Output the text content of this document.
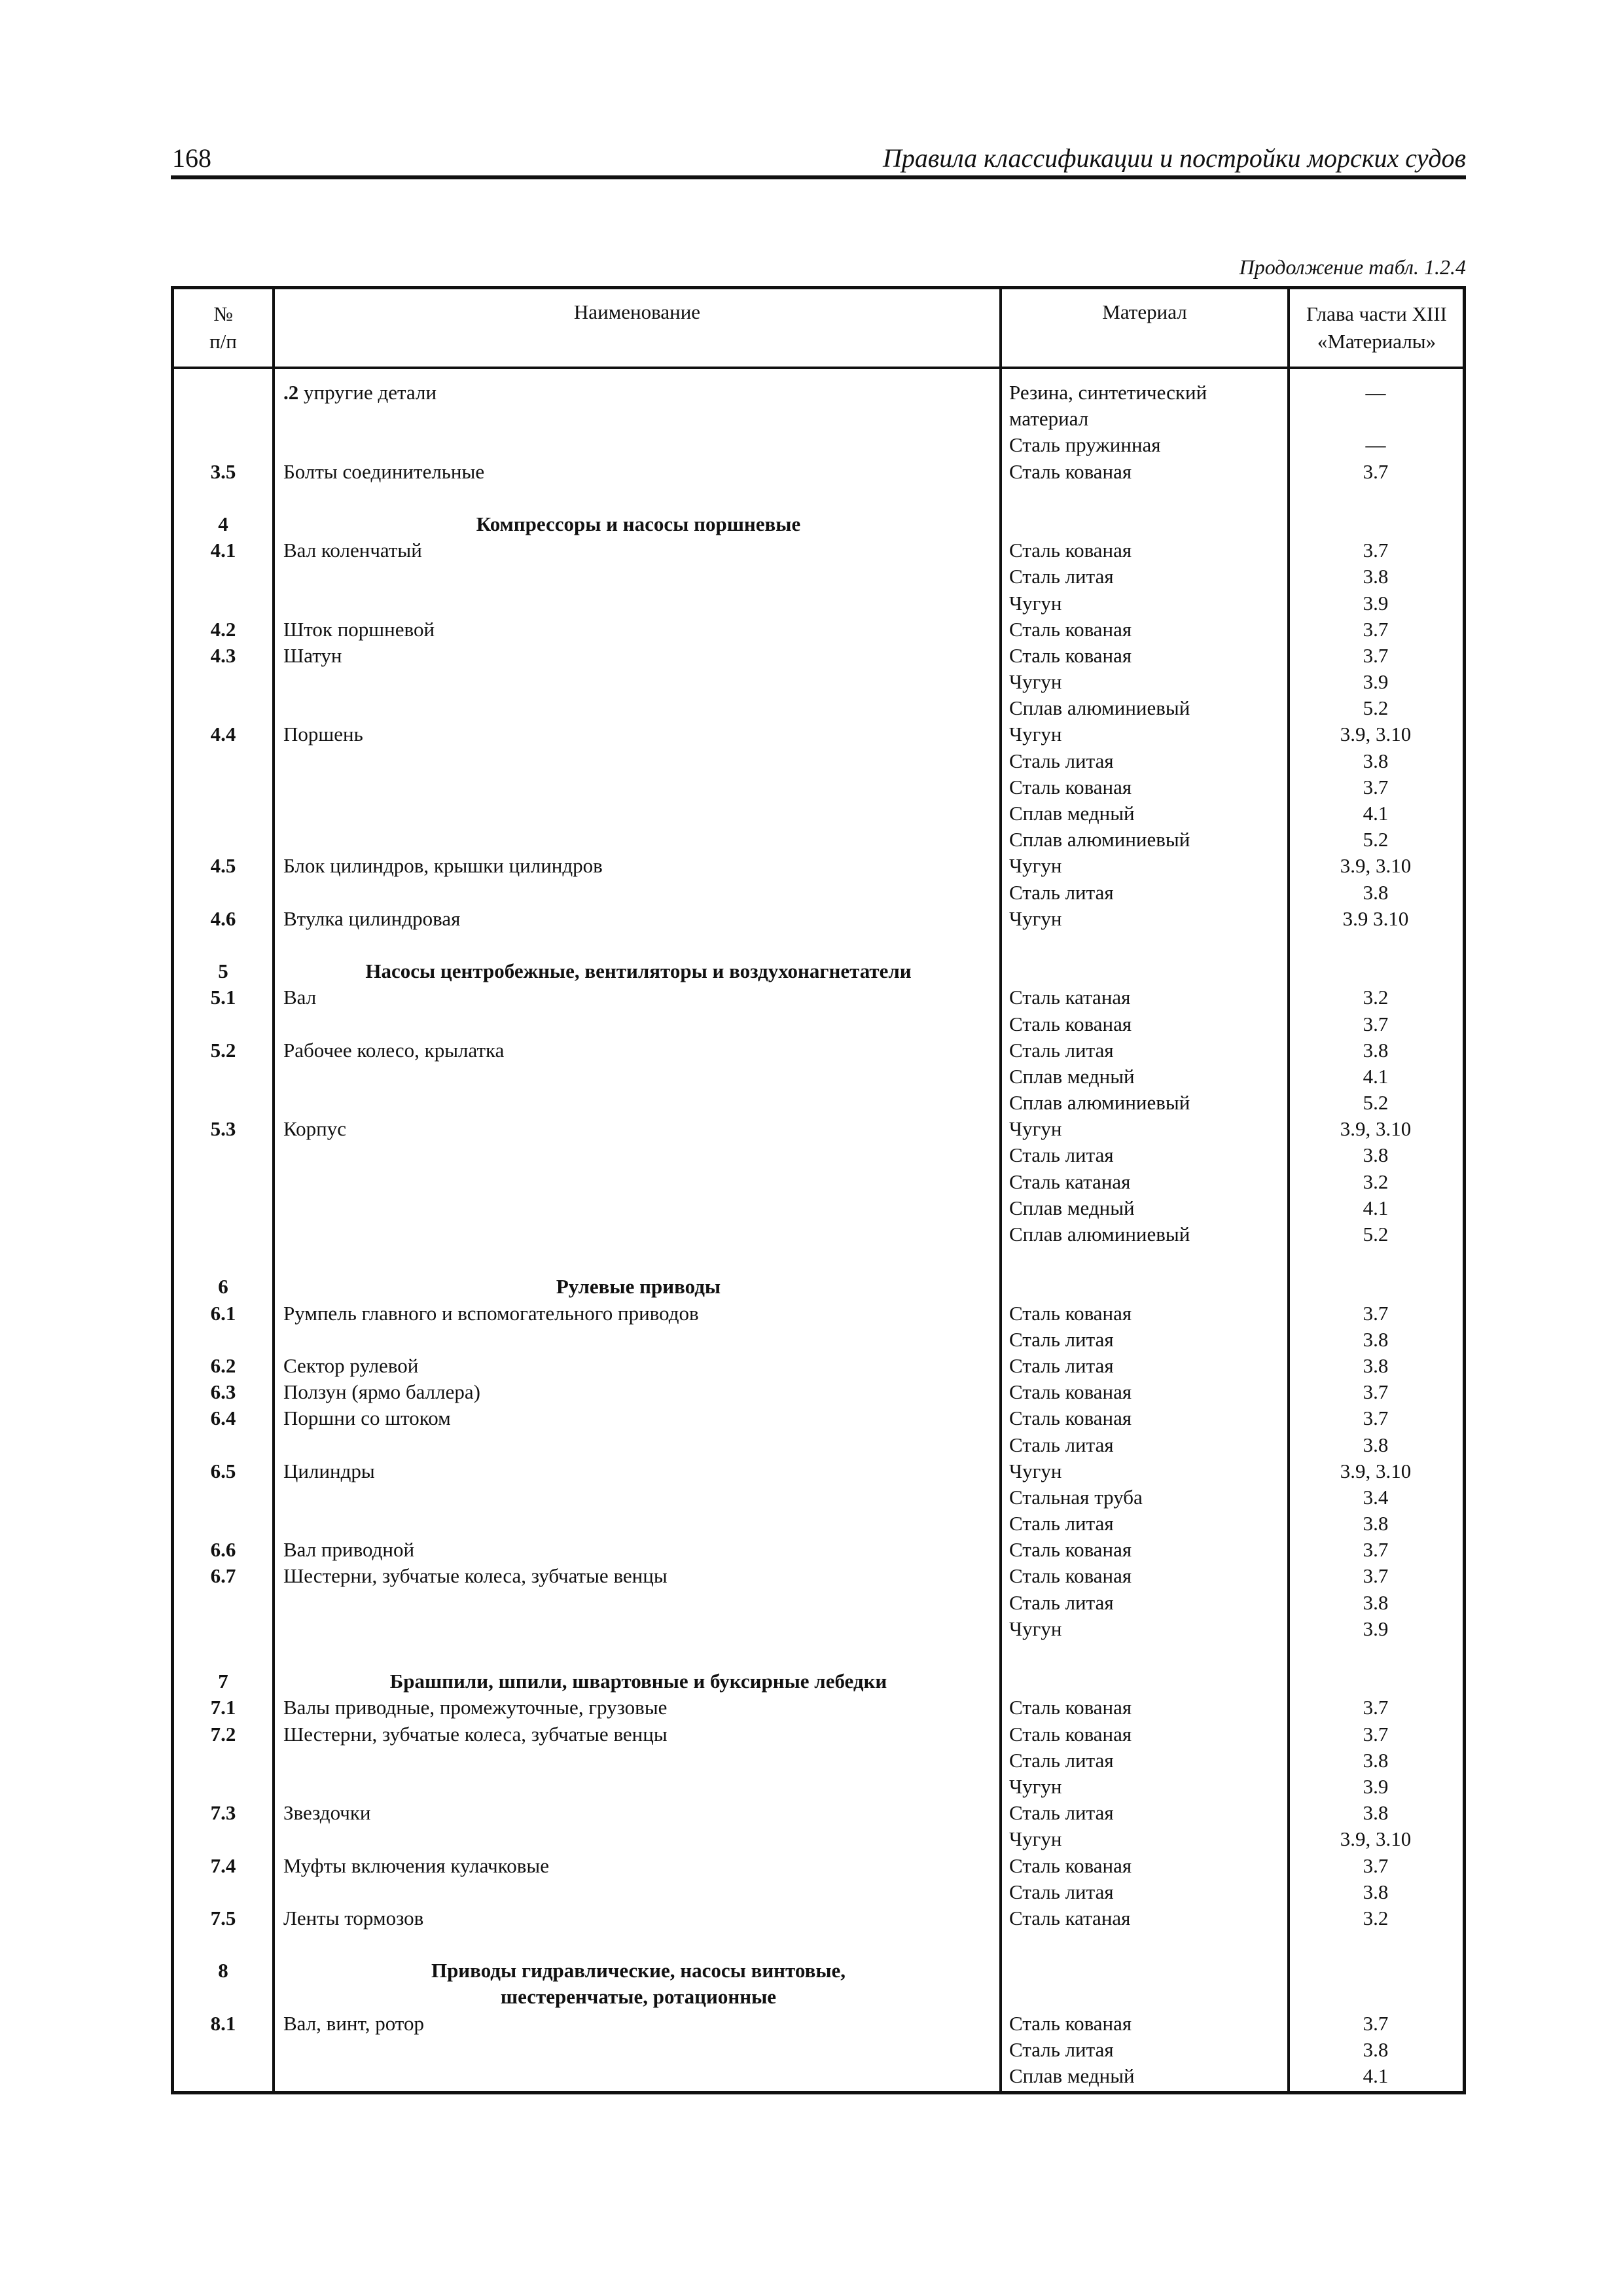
168	Правила классификации и постройки морских судов
Продолжение табл. 1.2.4
№
п/п
Наименование	Материал	Глава части XIII
«Материалы»
.2 упругие детали	Резина, синтетический	—
материал
Сталь пружинная	—
3.5	Болты соединительные	Сталь кованая	3.7
4	Компрессоры и насосы поршневые
4.1	Вал коленчатый	Сталь кованая	3.7
Сталь литая	3.8
Чугун	3.9
4.2	Шток поршневой	Сталь кованая	3.7
4.3	Шатун	Сталь кованая	3.7
Чугун	3.9
Сплав алюминиевый	5.2
4.4	Поршень	Чугун	3.9, 3.10
Сталь литая	3.8
Сталь кованая	3.7
Сплав медный	4.1
Сплав алюминиевый	5.2
4.5	Блок цилиндров, крышки цилиндров	Чугун	3.9, 3.10
Сталь литая	3.8
4.6	Втулка цилиндровая	Чугун	3.9 3.10
5	Насосы центробежные, вентиляторы и воздухонагнетатели
5.1	Вал	Сталь катаная	3.2
Сталь кованая	3.7
5.2	Рабочее колесо, крылатка	Сталь литая	3.8
Сплав медный	4.1
Сплав алюминиевый	5.2
5.3	Корпус	Чугун	3.9, 3.10
Сталь литая	3.8
Сталь катаная	3.2
Сплав медный	4.1
Сплав алюминиевый	5.2
6	Рулевые приводы
6.1	Румпель главного и вспомогательного приводов	Сталь кованая	3.7
Сталь литая	3.8
6.2	Сектор рулевой	Сталь литая	3.8
6.3	Ползун (ярмо баллера)	Сталь кованая	3.7
6.4	Поршни со штоком	Сталь кованая	3.7
Сталь литая	3.8
6.5	Цилиндры	Чугун	3.9, 3.10
Стальная труба	3.4
Сталь литая	3.8
6.6	Вал приводной	Сталь кованая	3.7
6.7	Шестерни, зубчатые колеса, зубчатые венцы	Сталь кованая	3.7
Сталь литая	3.8
Чугун	3.9
7	Брашпили, шпили, швартовные и буксирные лебедки
7.1	Валы приводные, промежуточные, грузовые	Сталь кованая	3.7
7.2	Шестерни, зубчатые колеса, зубчатые венцы	Сталь кованая	3.7
Сталь литая	3.8
Чугун	3.9
7.3	Звездочки	Сталь литая	3.8
Чугун	3.9, 3.10
7.4	Муфты включения кулачковые	Сталь кованая	3.7
Сталь литая	3.8
7.5	Ленты тормозов	Сталь катаная	3.2
8	Приводы гидравлические, насосы винтовые,
шестеренчатые, ротационные
8.1	Вал, винт, ротор	Сталь кованая	3.7
Сталь литая	3.8
Сплав медный	4.1
